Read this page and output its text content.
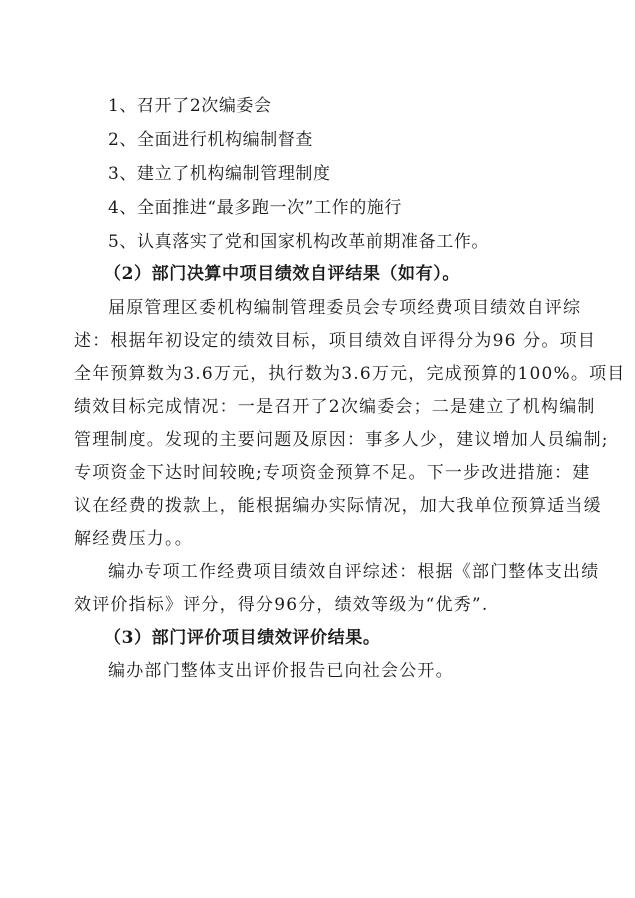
1、召开了2次编委会
2、全面进行机构编制督查
3、建立了机构编制管理制度
4、全面推进“最多跑一次”工作的施行
5、认真落实了党和国家机构改革前期准备工作。
（2）部门决算中项目绩效自评结果（如有）。
届原管理区委机构编制管理委员会专项经费项目绩效自评综
述：根据年初设定的绩效目标，项目绩效自评得分为96 分。项目
全年预算数为3.6万元，执行数为3.6万元，完成预算的100%。项目
绩效目标完成情况：一是召开了2次编委会；二是建立了机构编制
管理制度。发现的主要问题及原因：事多人少，建议增加人员编制;
专项资金下达时间较晚;专项资金预算不足。下一步改进措施：建
议在经费的拨款上，能根据编办实际情况，加大我单位预算适当缓
解经费压力。。
编办专项工作经费项目绩效自评综述：根据《部门整体支出绩
效评价指标》评分，得分96分，绩效等级为“优秀”.
（3）部门评价项目绩效评价结果。
编办部门整体支出评价报告已向社会公开。
